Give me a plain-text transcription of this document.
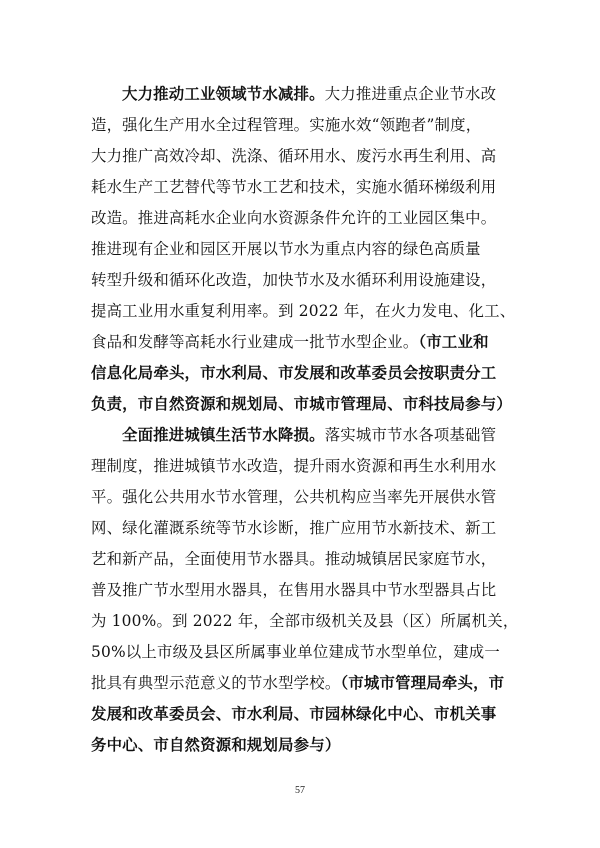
大力推动工业领域节水减排。大力推进重点企业节水改
造，强化生产用水全过程管理。实施水效“领跑者”制度，
大力推广高效冷却、洗涤、循环用水、废污水再生利用、高
耗水生产工艺替代等节水工艺和技术，实施水循环梯级利用
改造。推进高耗水企业向水资源条件允许的工业园区集中。
推进现有企业和园区开展以节水为重点内容的绿色高质量
转型升级和循环化改造，加快节水及水循环利用设施建设，
提高工业用水重复利用率。到 2022 年，在火力发电、化工、
食品和发酵等高耗水行业建成一批节水型企业。（市工业和
信息化局牵头，市水利局、市发展和改革委员会按职责分工
负责，市自然资源和规划局、市城市管理局、市科技局参与）
全面推进城镇生活节水降损。落实城市节水各项基础管
理制度，推进城镇节水改造，提升雨水资源和再生水利用水
平。强化公共用水节水管理，公共机构应当率先开展供水管
网、绿化灌溉系统等节水诊断，推广应用节水新技术、新工
艺和新产品，全面使用节水器具。推动城镇居民家庭节水，
普及推广节水型用水器具，在售用水器具中节水型器具占比
为 100%。到 2022 年，全部市级机关及县（区）所属机关，
50%以上市级及县区所属事业单位建成节水型单位，建成一
批具有典型示范意义的节水型学校。（市城市管理局牵头，市
发展和改革委员会、市水利局、市园林绿化中心、市机关事
务中心、市自然资源和规划局参与）
57
